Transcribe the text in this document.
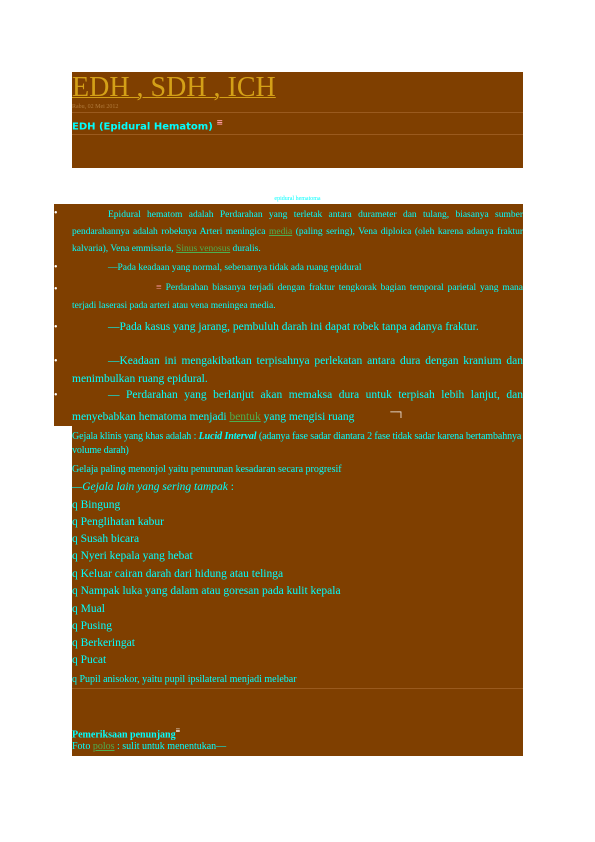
EDH , SDH , ICH
Rabu, 02 Mei 2012
EDH (Epidural Hematom) ≡
epidural hematoma
•	Epidural hematom adalah Perdarahan yang terletak antara durameter dan tulang, biasanya sumber pendarahannya adalah robeknya Arteri meningica media (paling sering), Vena diploica (oleh karena adanya fraktur kalvaria), Vena emmisaria, Sinus venosus duralis.
•	—Pada keadaan yang normal, sebenarnya tidak ada ruang epidural
•	≡ Perdarahan biasanya terjadi dengan fraktur tengkorak bagian temporal parietal yang mana terjadi laserasi pada arteri atau vena meningea media.
•	—Pada kasus yang jarang, pembuluh darah ini dapat robek tanpa adanya fraktur.
•	—Keadaan ini mengakibatkan terpisahnya perlekatan antara dura dengan kranium dan menimbulkan ruang epidural.
•	— Perdarahan yang berlanjut akan memaksa dura untuk terpisah lebih lanjut, dan menyebabkan hematoma menjadi bentuk yang mengisi ruang	─┐
Gejala klinis yang khas adalah : Lucid Interval (adanya fase sadar diantara 2 fase tidak sadar karena bertambahnya volume darah)
Gelaja paling menonjol yaitu penurunan kesadaran secara progresif
—Gejala lain yang sering tampak :
q Bingung
q Penglihatan kabur
q Susah bicara
q Nyeri kepala yang hebat
q Keluar cairan darah dari hidung atau telinga
q Nampak luka yang dalam atau goresan pada kulit kepala
q Mual
q Pusing
q Berkeringat
q Pucat
q Pupil anisokor, yaitu pupil ipsilateral menjadi melebar
Pemeriksaan penunjang≡
Foto polos : sulit untuk menentukan—
